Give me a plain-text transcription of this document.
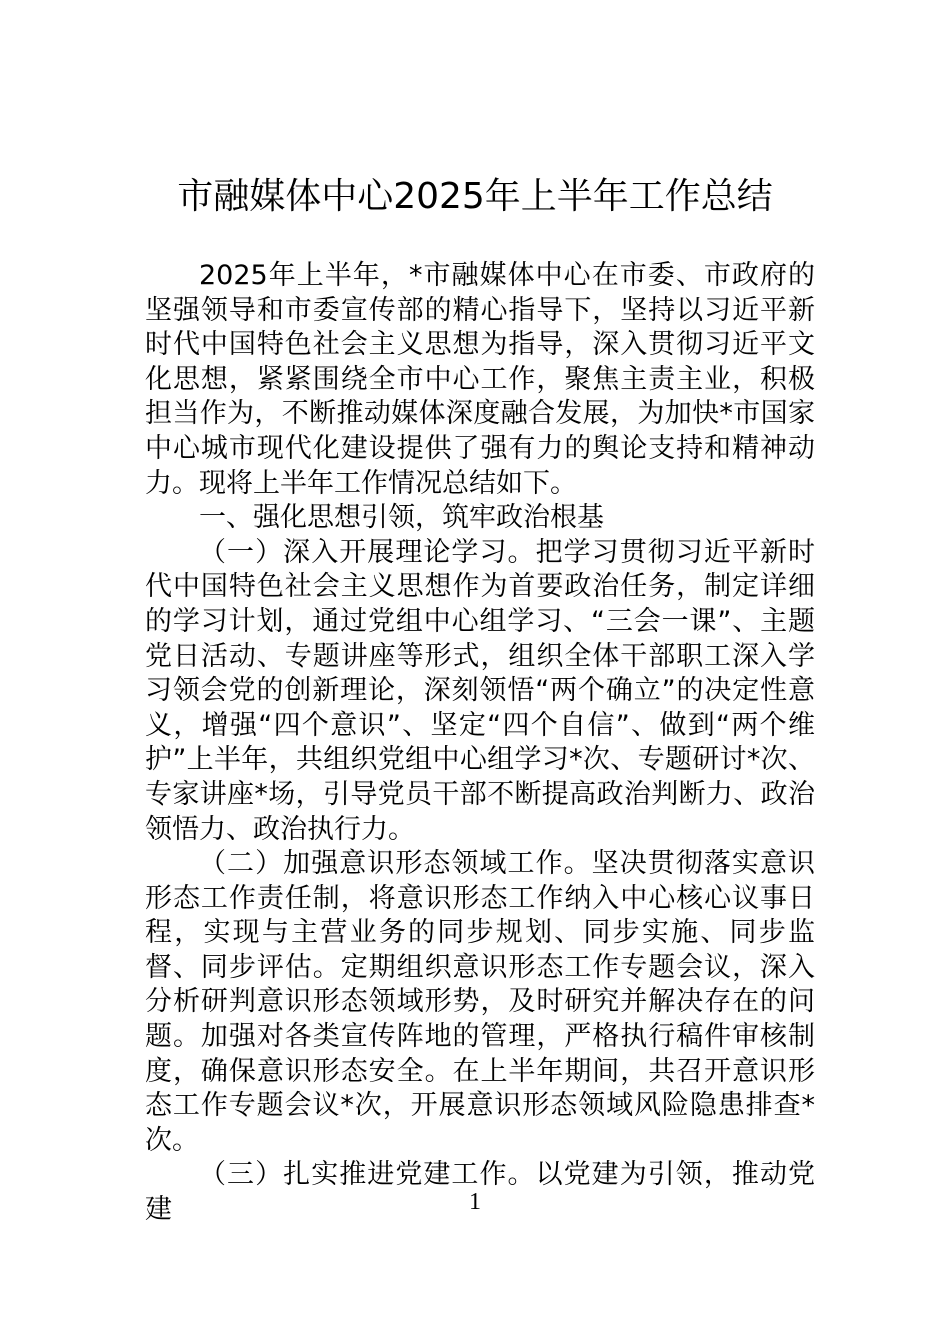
市融媒体中心2025年上半年工作总结

2025年上半年，*市融媒体中心在市委、市政府的坚强领导和市委宣传部的精心指导下，坚持以习近平新时代中国特色社会主义思想为指导，深入贯彻习近平文化思想，紧紧围绕全市中心工作，聚焦主责主业，积极担当作为，不断推动媒体深度融合发展，为加快*市国家中心城市现代化建设提供了强有力的舆论支持和精神动力。现将上半年工作情况总结如下。

一、强化思想引领，筑牢政治根基

（一）深入开展理论学习。把学习贯彻习近平新时代中国特色社会主义思想作为首要政治任务，制定详细的学习计划，通过党组中心组学习、“三会一课”、主题党日活动、专题讲座等形式，组织全体干部职工深入学习领会党的创新理论，深刻领悟“两个确立”的决定性意义，增强“四个意识”、坚定“四个自信”、做到“两个维护”上半年，共组织党组中心组学习*次、专题研讨*次、专家讲座*场，引导党员干部不断提高政治判断力、政治领悟力、政治执行力。

（二）加强意识形态领域工作。坚决贯彻落实意识形态工作责任制，将意识形态工作纳入中心核心议事日程，实现与主营业务的同步规划、同步实施、同步监督、同步评估。定期组织意识形态工作专题会议，深入分析研判意识形态领域形势，及时研究并解决存在的问题。加强对各类宣传阵地的管理，严格执行稿件审核制度，确保意识形态安全。在上半年期间，共召开意识形态工作专题会议*次，开展意识形态领域风险隐患排查*次。

（三）扎实推进党建工作。以党建为引领，推动党建	1
